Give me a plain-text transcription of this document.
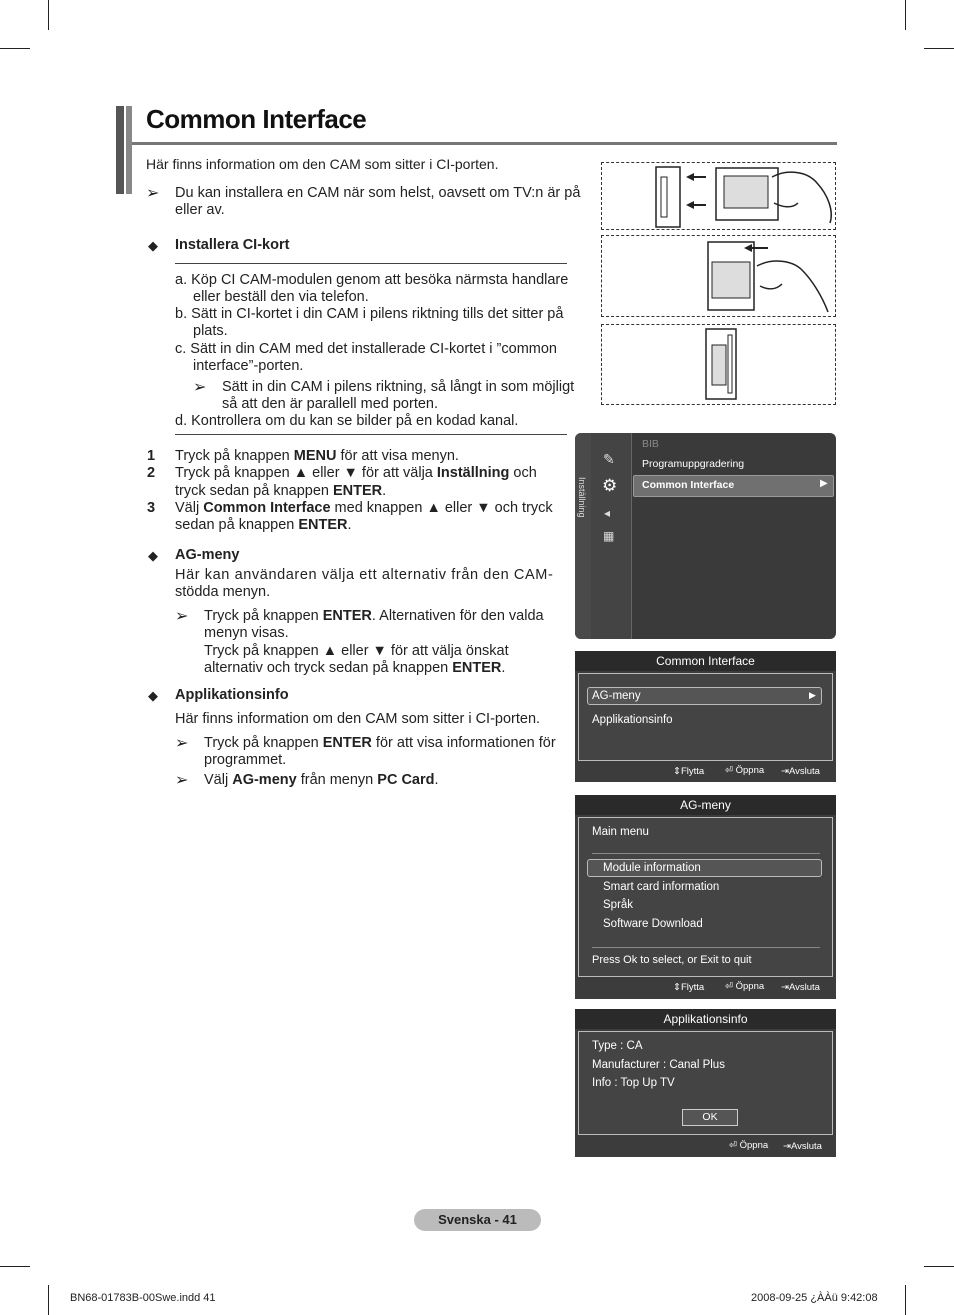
Common Interface
Här finns information om den CAM som sitter i CI-porten.
➢ Du kan installera en CAM när som helst, oavsett om TV:n är på eller av.
◆ Installera CI-kort
a. Köp CI CAM-modulen genom att besöka närmsta handlare
eller beställ den via telefon.
b. Sätt in CI-kortet i din CAM i pilens riktning tills det sitter på
plats.
c. Sätt in din CAM med det installerade CI-kortet i ”common
interface”-porten.
➢ Sätt in din CAM i pilens riktning, så långt in som möjligt
så att den är parallell med porten.
d. Kontrollera om du kan se bilder på en kodad kanal.
1 Tryck på knappen MENU för att visa menyn.
2 Tryck på knappen ▲ eller ▼ för att välja Inställning och
tryck sedan på knappen ENTER.
3 Välj Common Interface med knappen ▲ eller ▼ och tryck
sedan på knappen ENTER.
◆ AG-meny
Här kan användaren välja ett alternativ från den CAM-
stödda menyn.
➢ Tryck på knappen ENTER. Alternativen för den valda
menyn visas.
Tryck på knappen ▲ eller ▼ för att välja önskat
alternativ och tryck sedan på knappen ENTER.
◆ Applikationsinfo
Här finns information om den CAM som sitter i CI-porten.
➢ Tryck på knappen ENTER för att visa informationen för
programmet.
➢ Välj AG-meny från menyn PC Card.
Inställning
✎
⚙
◂
▦
BIB
Programuppgradering
Common Interface	▶
Common Interface
AG-meny	▶
Applikationsinfo
⇕Flytta ⏎ Öppna ⇥Avsluta
AG-meny
Main menu
Module information
Smart card information
Språk
Software Download
Press Ok to select, or Exit to quit
⇕Flytta ⏎ Öppna ⇥Avsluta
Applikationsinfo
Type : CA
Manufacturer : Canal Plus
Info : Top Up TV
OK
⏎ Öppna ⇥Avsluta
Svenska - 41
BN68-01783B-00Swe.indd 41	2008-09-25 ¿ÀÀü 9:42:08
